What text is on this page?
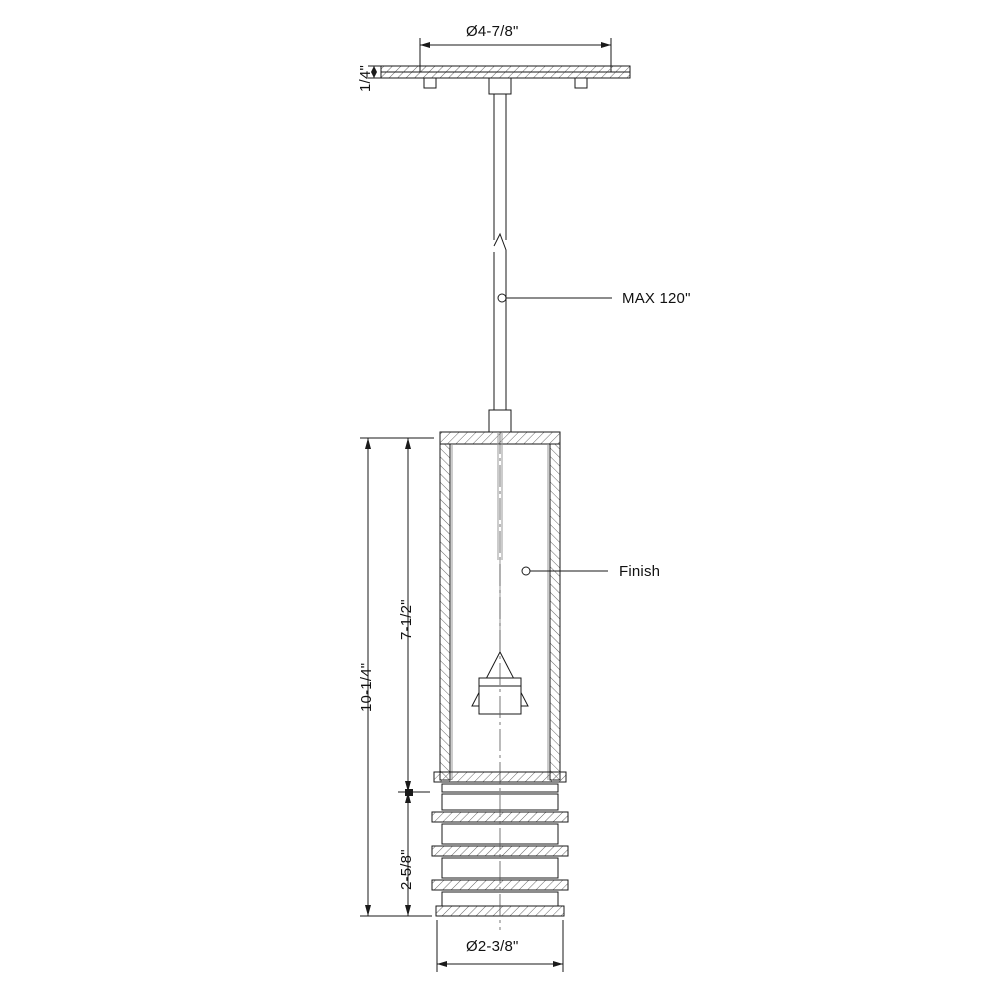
Ø4-7/8"
1/4"
MAX 120"
Finish
7-1/2"
10-1/4"
2-5/8"
Ø2-3/8"
